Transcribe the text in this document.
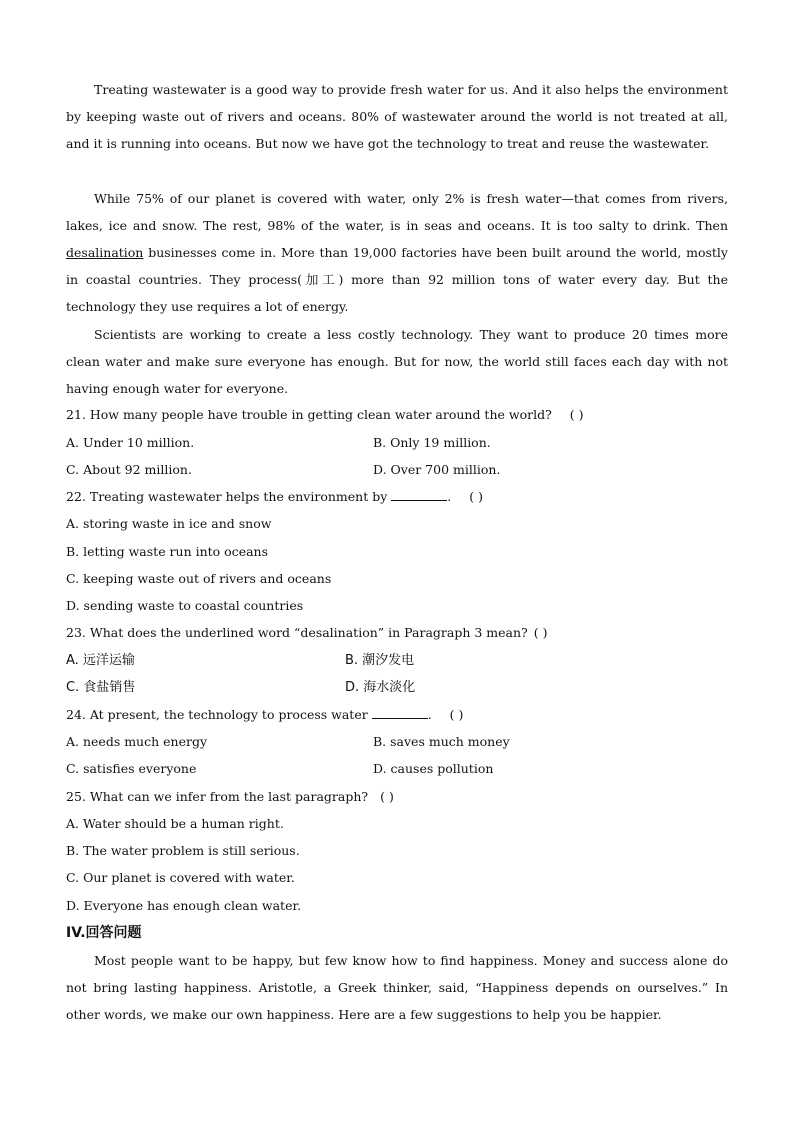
Treating wastewater is a good way to provide fresh water for us. And it also helps the environment by keeping waste out of rivers and oceans. 80% of wastewater around the world is not treated at all, and it is running into oceans. But now we have got the technology to treat and reuse the wastewater.

While 75% of our planet is covered with water, only 2% is fresh water—that comes from rivers, lakes, ice and snow. The rest, 98% of the water, is in seas and oceans. It is too salty to drink. Then desalination businesses come in. More than 19,000 factories have been built around the world, mostly in coastal countries. They process(加工) more than 92 million tons of water every day. But the technology they use requires a lot of energy.

Scientists are working to create a less costly technology. They want to produce 20 times more clean water and make sure everyone has enough. But for now, the world still faces each day with not having enough water for everyone.

21. How many people have trouble in getting clean water around the world? ( )
A. Under 10 million.	B. Only 19 million.
C. About 92 million.	D. Over 700 million.
22. Treating wastewater helps the environment by	. ( )
A. storing waste in ice and snow
B. letting waste run into oceans
C. keeping waste out of rivers and oceans
D. sending waste to coastal countries
23. What does the underlined word “desalination” in Paragraph 3 mean? ( )
A. 远洋运输	B. 潮汐发电
C. 食盐销售	D. 海水淡化
24. At present, the technology to process water	. ( )
A. needs much energy	B. saves much money
C. satisfies everyone	D. causes pollution
25. What can we infer from the last paragraph? ( )
A. Water should be a human right.
B. The water problem is still serious.
C. Our planet is covered with water.
D. Everyone has enough clean water.
IV.回答问题

Most people want to be happy, but few know how to find happiness. Money and success alone do not bring lasting happiness. Aristotle, a Greek thinker, said, “Happiness depends on ourselves.” In other words, we make our own happiness. Here are a few suggestions to help you be happier.
